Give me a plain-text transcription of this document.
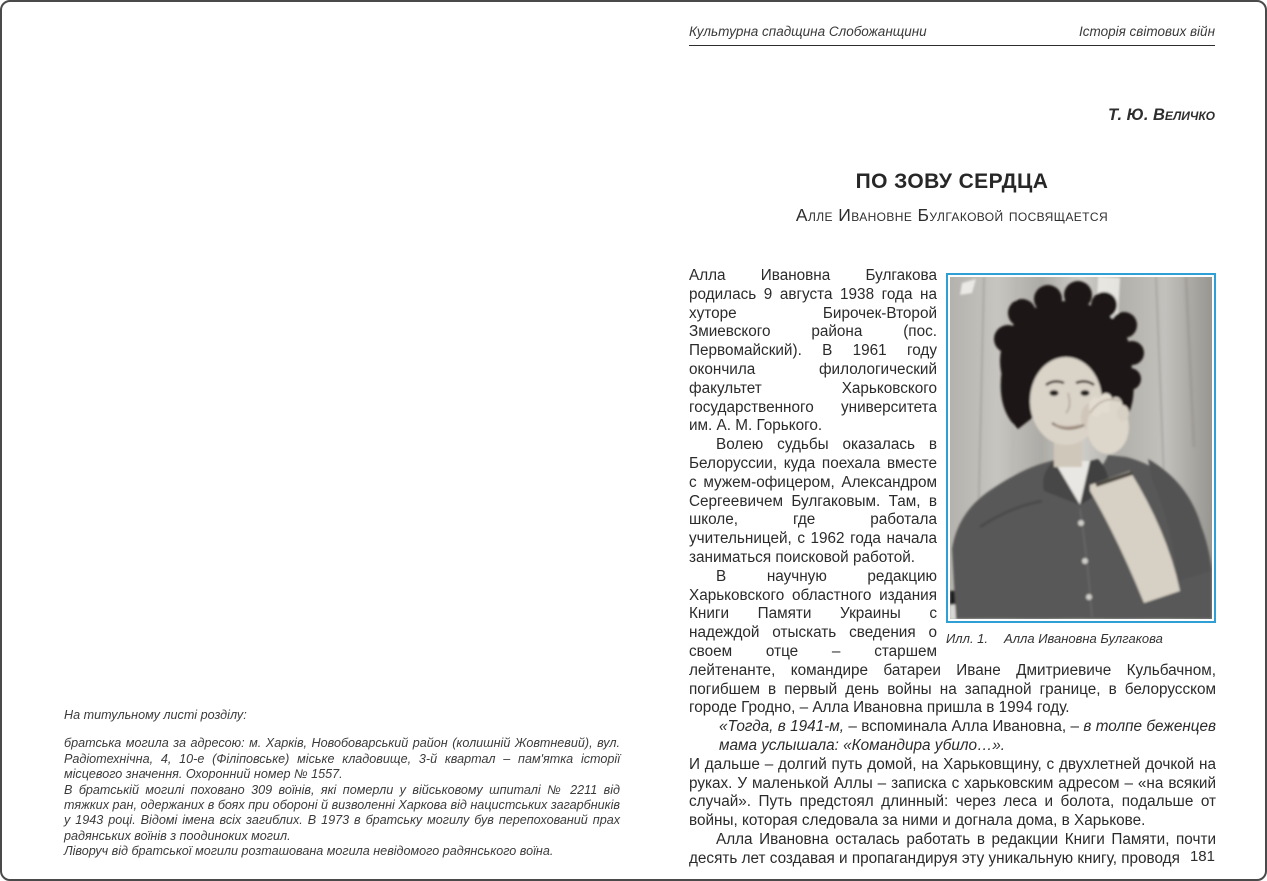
На титульному листі розділу:

братська могила за адресою: м. Харків, Новобоварський район (колишній Жовтневий), вул. Радіотехнічна, 4, 10-е (Філіповське) міське кладовище, 3-й квартал – пам'ятка історії місцевого значення. Охоронний номер № 1557.

В братській могилі поховано 309 воїнів, які померли у військовому шпиталі № 2211 від тяжких ран, одержаних в боях при обороні й визволенні Харкова від нацистських загарбників у 1943 році. Відомі імена всіх загиблих. В 1973 в братську могилу був перепохований прах радянських воїнів з поодиноких могил.

Ліворуч від братської могили розташована могила невідомого радянського воїна.

Культурна спадщина Слобожанщини	Історія світових війн
Т. Ю. Величко
ПО ЗОВУ СЕРДЦА
Алле Ивановне Булгаковой посвящается
Илл. 1. Алла Ивановна Булгакова

Алла Ивановна Булгакова родилась 9 августа 1938 года на хуторе Бирочек-Второй Змиевского района (пос. Первомайский). В 1961 году окончила филологический факультет Харьковского государственного университета им. А. М. Горького.

Волею судьбы оказалась в Белоруссии, куда поехала вместе с мужем-офицером, Александром Сергеевичем Булгаковым. Там, в школе, где работала учительницей, с 1962 года начала заниматься поисковой работой.

В научную редакцию Харьковского областного издания Книги Памяти Украины с надеждой отыскать сведения о своем отце – старшем лейтенанте, командире батареи Иване Дмитриевиче Кульбачном, погибшем в первый день войны на западной границе, в белорусском городе Гродно, – Алла Ивановна пришла в 1994 году.

«Тогда, в 1941-м, – вспоминала Алла Ивановна, – в толпе беженцев мама услышала: «Командира убило…».

И дальше – долгий путь домой, на Харьковщину, с двухлетней дочкой на руках. У маленькой Аллы – записка с харьковским адресом – «на всякий случай». Путь предстоял длинный: через леса и болота, подальше от войны, которая следовала за ними и догнала дома, в Харькове.

Алла Ивановна осталась работать в редакции Книги Памяти, почти десять лет создавая и пропагандируя эту уникальную книгу, проводя 181
